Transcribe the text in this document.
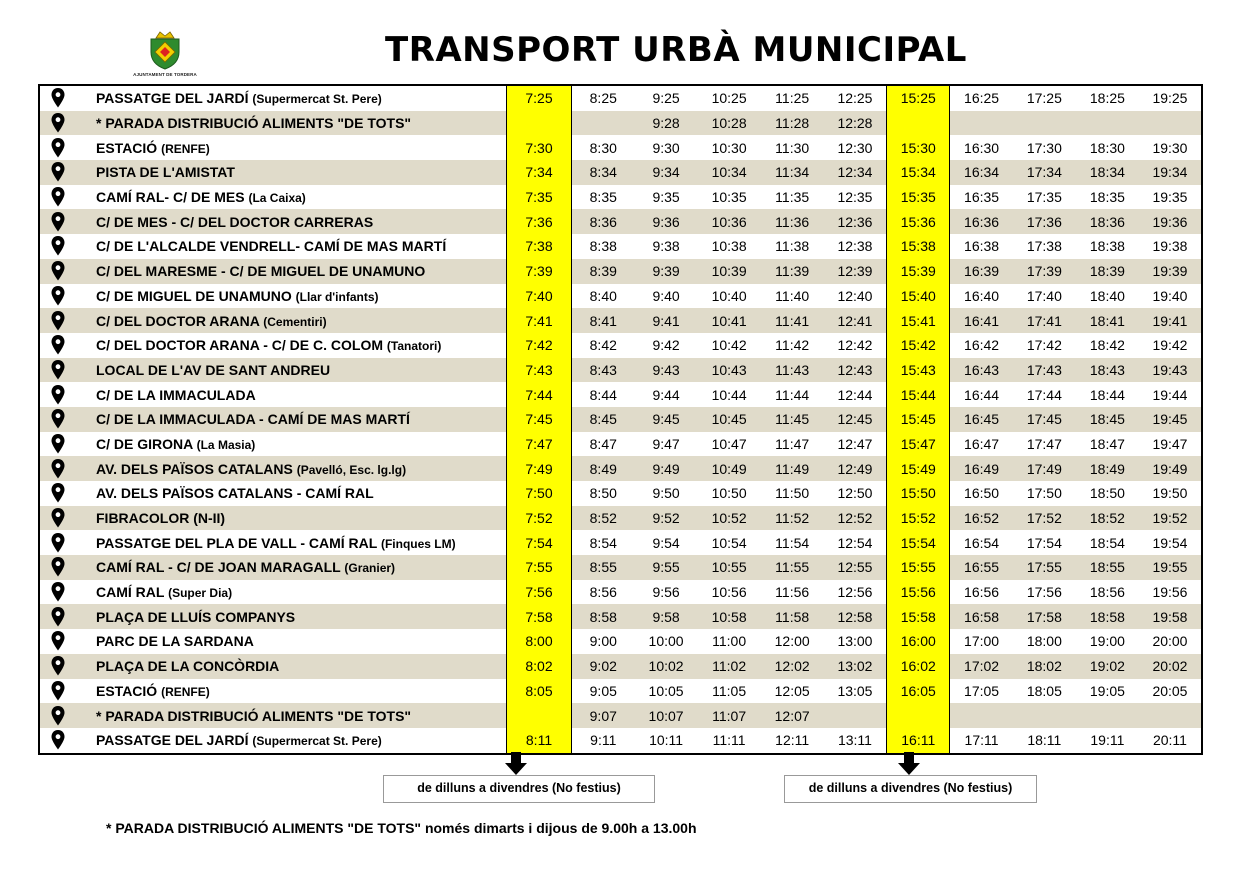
AJUNTAMENT DE TORDERA
TRANSPORT URBÀ MUNICIPAL
	PASSATGE DEL JARDÍ (Supermercat St. Pere)	7:25	8:25	9:25	10:25	11:25	12:25	15:25	16:25	17:25	18:25	19:25

	* PARADA DISTRIBUCIÓ ALIMENTS "DE TOTS"			9:28	10:28	11:28	12:28					

	ESTACIÓ (RENFE)	7:30	8:30	9:30	10:30	11:30	12:30	15:30	16:30	17:30	18:30	19:30

	PISTA DE L'AMISTAT	7:34	8:34	9:34	10:34	11:34	12:34	15:34	16:34	17:34	18:34	19:34

	CAMÍ RAL- C/ DE MES (La Caixa)	7:35	8:35	9:35	10:35	11:35	12:35	15:35	16:35	17:35	18:35	19:35

	C/ DE MES - C/ DEL DOCTOR CARRERAS	7:36	8:36	9:36	10:36	11:36	12:36	15:36	16:36	17:36	18:36	19:36

	C/ DE L'ALCALDE VENDRELL- CAMÍ DE MAS MARTÍ	7:38	8:38	9:38	10:38	11:38	12:38	15:38	16:38	17:38	18:38	19:38

	C/ DEL MARESME - C/ DE MIGUEL DE UNAMUNO	7:39	8:39	9:39	10:39	11:39	12:39	15:39	16:39	17:39	18:39	19:39

	C/ DE MIGUEL DE UNAMUNO (Llar d'infants)	7:40	8:40	9:40	10:40	11:40	12:40	15:40	16:40	17:40	18:40	19:40

	C/ DEL DOCTOR ARANA (Cementiri)	7:41	8:41	9:41	10:41	11:41	12:41	15:41	16:41	17:41	18:41	19:41

	C/ DEL DOCTOR ARANA - C/ DE C. COLOM (Tanatori)	7:42	8:42	9:42	10:42	11:42	12:42	15:42	16:42	17:42	18:42	19:42

	LOCAL DE L'AV DE SANT ANDREU	7:43	8:43	9:43	10:43	11:43	12:43	15:43	16:43	17:43	18:43	19:43

	C/ DE LA IMMACULADA	7:44	8:44	9:44	10:44	11:44	12:44	15:44	16:44	17:44	18:44	19:44

	C/ DE LA IMMACULADA - CAMÍ DE MAS MARTÍ	7:45	8:45	9:45	10:45	11:45	12:45	15:45	16:45	17:45	18:45	19:45

	C/ DE GIRONA (La Masia)	7:47	8:47	9:47	10:47	11:47	12:47	15:47	16:47	17:47	18:47	19:47

	AV. DELS PAÏSOS CATALANS (Pavelló, Esc. lg.lg)	7:49	8:49	9:49	10:49	11:49	12:49	15:49	16:49	17:49	18:49	19:49

	AV. DELS PAÏSOS CATALANS - CAMÍ RAL	7:50	8:50	9:50	10:50	11:50	12:50	15:50	16:50	17:50	18:50	19:50

	FIBRACOLOR (N-II)	7:52	8:52	9:52	10:52	11:52	12:52	15:52	16:52	17:52	18:52	19:52

	PASSATGE DEL PLA DE VALL - CAMÍ RAL (Finques LM)	7:54	8:54	9:54	10:54	11:54	12:54	15:54	16:54	17:54	18:54	19:54

	CAMÍ RAL - C/ DE JOAN MARAGALL (Granier)	7:55	8:55	9:55	10:55	11:55	12:55	15:55	16:55	17:55	18:55	19:55

	CAMÍ RAL (Super Dia)	7:56	8:56	9:56	10:56	11:56	12:56	15:56	16:56	17:56	18:56	19:56

	PLAÇA DE LLUÍS COMPANYS	7:58	8:58	9:58	10:58	11:58	12:58	15:58	16:58	17:58	18:58	19:58

	PARC DE LA SARDANA	8:00	9:00	10:00	11:00	12:00	13:00	16:00	17:00	18:00	19:00	20:00

	PLAÇA DE LA CONCÒRDIA	8:02	9:02	10:02	11:02	12:02	13:02	16:02	17:02	18:02	19:02	20:02

	ESTACIÓ (RENFE)	8:05	9:05	10:05	11:05	12:05	13:05	16:05	17:05	18:05	19:05	20:05

	* PARADA DISTRIBUCIÓ ALIMENTS "DE TOTS"		9:07	10:07	11:07	12:07						

	PASSATGE DEL JARDÍ (Supermercat St. Pere)	8:11	9:11	10:11	11:11	12:11	13:11	16:11	17:11	18:11	19:11	20:11
de dilluns a divendres (No festius)	de dilluns a divendres (No festius)
* PARADA DISTRIBUCIÓ ALIMENTS "DE TOTS" només dimarts i dijous de 9.00h a 13.00h
